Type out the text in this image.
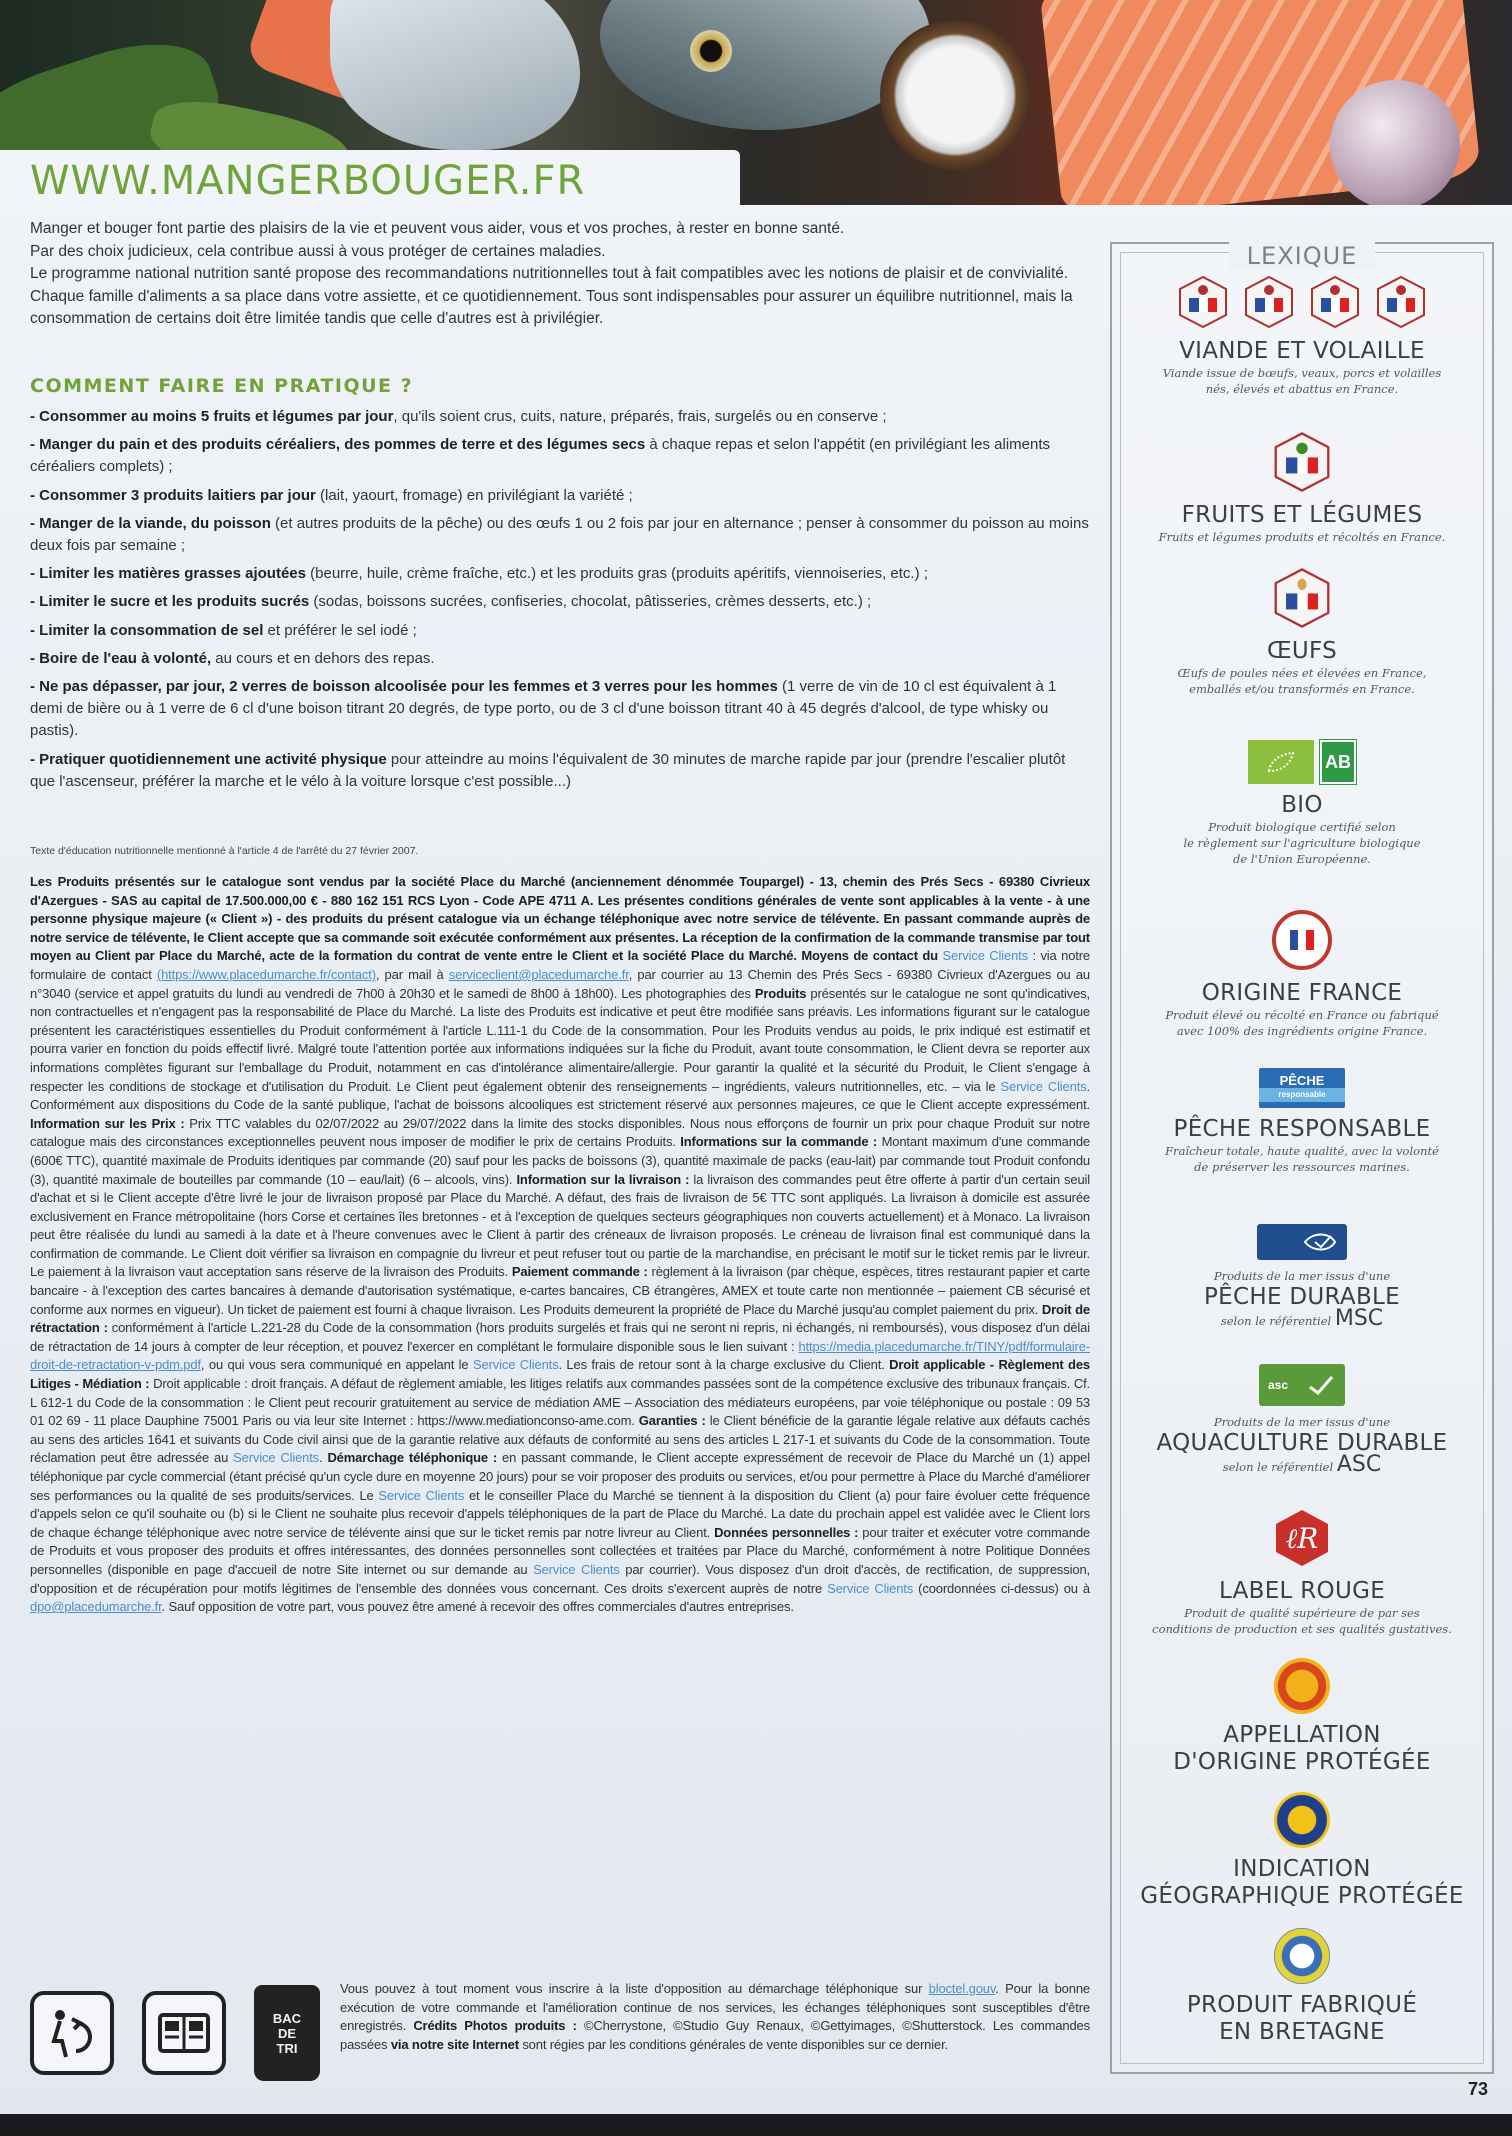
WWW.MANGERBOUGER.FR

Manger et bouger font partie des plaisirs de la vie et peuvent vous aider, vous et vos proches, à rester en bonne santé.

Par des choix judicieux, cela contribue aussi à vous protéger de certaines maladies.

Le programme national nutrition santé propose des recommandations nutritionnelles tout à fait compatibles avec les notions de plaisir et de convivialité.

Chaque famille d'aliments a sa place dans votre assiette, et ce quotidiennement. Tous sont indispensables pour assurer un équilibre nutritionnel, mais la consommation de certains doit être limitée tandis que celle d'autres est à privilégier.

COMMENT FAIRE EN PRATIQUE ?
- Consommer au moins 5 fruits et légumes par jour, qu'ils soient crus, cuits, nature, préparés, frais, surgelés ou en conserve ;
- Manger du pain et des produits céréaliers, des pommes de terre et des légumes secs à chaque repas et selon l'appétit (en privilégiant les aliments céréaliers complets) ;
- Consommer 3 produits laitiers par jour (lait, yaourt, fromage) en privilégiant la variété ;
- Manger de la viande, du poisson (et autres produits de la pêche) ou des œufs 1 ou 2 fois par jour en alternance ; penser à consommer du poisson au moins deux fois par semaine ;
- Limiter les matières grasses ajoutées (beurre, huile, crème fraîche, etc.) et les produits gras (produits apéritifs, viennoiseries, etc.) ;
- Limiter le sucre et les produits sucrés (sodas, boissons sucrées, confiseries, chocolat, pâtisseries, crèmes desserts, etc.) ;
- Limiter la consommation de sel et préférer le sel iodé ;
- Boire de l'eau à volonté, au cours et en dehors des repas.
- Ne pas dépasser, par jour, 2 verres de boisson alcoolisée pour les femmes et 3 verres pour les hommes (1 verre de vin de 10 cl est équivalent à 1 demi de bière ou à 1 verre de 6 cl d'une boison titrant 20 degrés, de type porto, ou de 3 cl d'une boisson titrant 40 à 45 degrés d'alcool, de type whisky ou pastis).
- Pratiquer quotidiennement une activité physique pour atteindre au moins l'équivalent de 30 minutes de marche rapide par jour (prendre l'escalier plutôt que l'ascenseur, préférer la marche et le vélo à la voiture lorsque c'est possible...)
Texte d'éducation nutritionnelle mentionné à l'article 4 de l'arrêté du 27 février 2007.
Les Produits présentés sur le catalogue sont vendus par la société Place du Marché (anciennement dénommée Toupargel) - 13, chemin des Prés Secs - 69380 Civrieux d'Azergues - SAS au capital de 17.500.000,00 € - 880 162 151 RCS Lyon - Code APE 4711 A. Les présentes conditions générales de vente sont applicables à la vente - à une personne physique majeure (« Client ») - des produits du présent catalogue via un échange téléphonique avec notre service de télévente. En passant commande auprès de notre service de télévente, le Client accepte que sa commande soit exécutée conformément aux présentes. La réception de la confirmation de la commande transmise par tout moyen au Client par Place du Marché, acte de la formation du contrat de vente entre le Client et la société Place du Marché. Moyens de contact du Service Clients : via notre formulaire de contact (https://www.placedumarche.fr/contact), par mail à serviceclient@placedumarche.fr, par courrier au 13 Chemin des Prés Secs - 69380 Civrieux d'Azergues ou au n°3040 (service et appel gratuits du lundi au vendredi de 7h00 à 20h30 et le samedi de 8h00 à 18h00). Les photographies des Produits présentés sur le catalogue ne sont qu'indicatives, non contractuelles et n'engagent pas la responsabilité de Place du Marché. La liste des Produits est indicative et peut être modifiée sans préavis. Les informations figurant sur le catalogue présentent les caractéristiques essentielles du Produit conformément à l'article L.111-1 du Code de la consommation. Pour les Produits vendus au poids, le prix indiqué est estimatif et pourra varier en fonction du poids effectif livré. Malgré toute l'attention portée aux informations indiquées sur la fiche du Produit, avant toute consommation, le Client devra se reporter aux informations complètes figurant sur l'emballage du Produit, notamment en cas d'intolérance alimentaire/allergie. Pour garantir la qualité et la sécurité du Produit, le Client s'engage à respecter les conditions de stockage et d'utilisation du Produit. Le Client peut également obtenir des renseignements – ingrédients, valeurs nutritionnelles, etc. – via le Service Clients. Conformément aux dispositions du Code de la santé publique, l'achat de boissons alcooliques est strictement réservé aux personnes majeures, ce que le Client accepte expressément. Information sur les Prix : Prix TTC valables du 02/07/2022 au 29/07/2022 dans la limite des stocks disponibles. Nous nous efforçons de fournir un prix pour chaque Produit sur notre catalogue mais des circonstances exceptionnelles peuvent nous imposer de modifier le prix de certains Produits. Informations sur la commande : Montant maximum d'une commande (600€ TTC), quantité maximale de Produits identiques par commande (20) sauf pour les packs de boissons (3), quantité maximale de packs (eau-lait) par commande tout Produit confondu (3), quantité maximale de bouteilles par commande (10 – eau/lait) (6 – alcools, vins). Information sur la livraison : la livraison des commandes peut être offerte à partir d'un certain seuil d'achat et si le Client accepte d'être livré le jour de livraison proposé par Place du Marché. A défaut, des frais de livraison de 5€ TTC sont appliqués. La livraison à domicile est assurée exclusivement en France métropolitaine (hors Corse et certaines îles bretonnes - et à l'exception de quelques secteurs géographiques non couverts actuellement) et à Monaco. La livraison peut être réalisée du lundi au samedi à la date et à l'heure convenues avec le Client à partir des créneaux de livraison proposés. Le créneau de livraison final est communiqué dans la confirmation de commande. Le Client doit vérifier sa livraison en compagnie du livreur et peut refuser tout ou partie de la marchandise, en précisant le motif sur le ticket remis par le livreur. Le paiement à la livraison vaut acceptation sans réserve de la livraison des Produits. Paiement commande : règlement à la livraison (par chèque, espèces, titres restaurant papier et carte bancaire - à l'exception des cartes bancaires à demande d'autorisation systématique, e-cartes bancaires, CB étrangères, AMEX et toute carte non mentionnée – paiement CB sécurisé et conforme aux normes en vigueur). Un ticket de paiement est fourni à chaque livraison. Les Produits demeurent la propriété de Place du Marché jusqu'au complet paiement du prix. Droit de rétractation : conformément à l'article L.221-28 du Code de la consommation (hors produits surgelés et frais qui ne seront ni repris, ni échangés, ni remboursés), vous disposez d'un délai de rétractation de 14 jours à compter de leur réception, et pouvez l'exercer en complétant le formulaire disponible sous le lien suivant : https://media.placedumarche.fr/TINY/pdf/formulaire-droit-de-retractation-v-pdm.pdf, ou qui vous sera communiqué en appelant le Service Clients. Les frais de retour sont à la charge exclusive du Client. Droit applicable - Règlement des Litiges - Médiation : Droit applicable : droit français. A défaut de règlement amiable, les litiges relatifs aux commandes passées sont de la compétence exclusive des tribunaux français. Cf. L 612-1 du Code de la consommation : le Client peut recourir gratuitement au service de médiation AME – Association des médiateurs européens, par voie téléphonique ou postale : 09 53 01 02 69 - 11 place Dauphine 75001 Paris ou via leur site Internet : https://www.mediationconso-ame.com. Garanties : le Client bénéficie de la garantie légale relative aux défauts cachés au sens des articles 1641 et suivants du Code civil ainsi que de la garantie relative aux défauts de conformité au sens des articles L 217-1 et suivants du Code de la consommation. Toute réclamation peut être adressée au Service Clients. Démarchage téléphonique : en passant commande, le Client accepte expressément de recevoir de Place du Marché un (1) appel téléphonique par cycle commercial (étant précisé qu'un cycle dure en moyenne 20 jours) pour se voir proposer des produits ou services, et/ou pour permettre à Place du Marché d'améliorer ses performances ou la qualité de ses produits/services. Le Service Clients et le conseiller Place du Marché se tiennent à la disposition du Client (a) pour faire évoluer cette fréquence d'appels selon ce qu'il souhaite ou (b) si le Client ne souhaite plus recevoir d'appels téléphoniques de la part de Place du Marché. La date du prochain appel est validée avec le Client lors de chaque échange téléphonique avec notre service de télévente ainsi que sur le ticket remis par notre livreur au Client. Données personnelles : pour traiter et exécuter votre commande de Produits et vous proposer des produits et offres intéressantes, des données personnelles sont collectées et traitées par Place du Marché, conformément à notre Politique Données personnelles (disponible en page d'accueil de notre Site internet ou sur demande au Service Clients par courrier). Vous disposez d'un droit d'accès, de rectification, de suppression, d'opposition et de récupération pour motifs légitimes de l'ensemble des données vous concernant. Ces droits s'exercent auprès de notre Service Clients (coordonnées ci-dessus) ou à dpo@placedumarche.fr. Sauf opposition de votre part, vous pouvez être amené à recevoir des offres commerciales d'autres entreprises.
Vous pouvez à tout moment vous inscrire à la liste d'opposition au démarchage téléphonique sur bloctel.gouv. Pour la bonne exécution de votre commande et l'amélioration continue de nos services, les échanges téléphoniques sont susceptibles d'être enregistrés. Crédits Photos produits : ©Cherrystone, ©Studio Guy Renaux, ©Gettyimages, ©Shutterstock. Les commandes passées via notre site Internet sont régies par les conditions générales de vente disponibles sur ce dernier.
BAC
DE
TRI
LEXIQUE
VIANDE ET VOLAILLE
Viande issue de bœufs, veaux, porcs et volailles
nés, élevés et abattus en France.
FRUITS ET LÉGUMES
Fruits et légumes produits et récoltés en France.
ŒUFS
Œufs de poules nées et élevées en France,
emballés et/ou transformés en France.
AB
BIO
Produit biologique certifié selon
le règlement sur l'agriculture biologique
de l'Union Européenne.
ORIGINE FRANCE
Produit élevé ou récolté en France ou fabriqué
avec 100% des ingrédients origine France.
PÊCHE
responsable
PÊCHE RESPONSABLE
Fraîcheur totale, haute qualité, avec la volonté
de préserver les ressources marines.
Produits de la mer issus d'une
PÊCHE DURABLE
selon le référentiel MSC
asc
Produits de la mer issus d'une
AQUACULTURE DURABLE
selon le référentiel ASC
ℓR
LABEL ROUGE
Produit de qualité supérieure de par ses
conditions de production et ses qualités gustatives.
APPELLATION
D'ORIGINE PROTÉGÉE
INDICATION
GÉOGRAPHIQUE PROTÉGÉE
PRODUIT FABRIQUÉ
EN BRETAGNE
73
